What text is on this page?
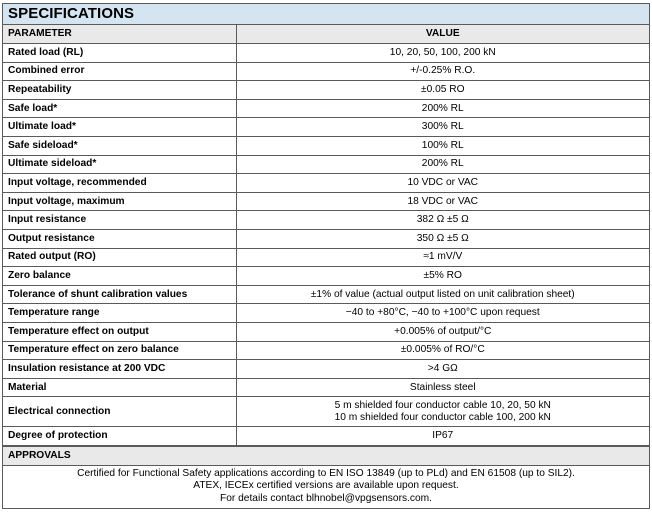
SPECIFICATIONS
PARAMETER	VALUE
Rated load (RL)	10, 20, 50, 100, 200 kN
Combined error	+/-0.25% R.O.
Repeatability	±0.05 RO
Safe load*	200% RL
Ultimate load*	300% RL
Safe sideload*	100% RL
Ultimate sideload*	200% RL
Input voltage, recommended	10 VDC or VAC
Input voltage, maximum	18 VDC or VAC
Input resistance	382 Ω ±5 Ω
Output resistance	350 Ω ±5 Ω
Rated output (RO)	≈1 mV/V
Zero balance	±5% RO
Tolerance of shunt calibration values	±1% of value (actual output listed on unit calibration sheet)
Temperature range	−40 to +80°C, −40 to +100°C upon request
Temperature effect on output	+0.005% of output/°C
Temperature effect on zero balance	±0.005% of RO/°C
Insulation resistance at 200 VDC	>4 GΩ
Material	Stainless steel
Electrical connection	5 m shielded four conductor cable 10, 20, 50 kN
10 m shielded four conductor cable 100, 200 kN

Degree of protection	IP67
APPROVALS
Certified for Functional Safety applications according to EN ISO 13849 (up to PLd) and EN 61508 (up to SIL2).
ATEX, IECEx certified versions are available upon request.
For details contact blhnobel@vpgsensors.com.
